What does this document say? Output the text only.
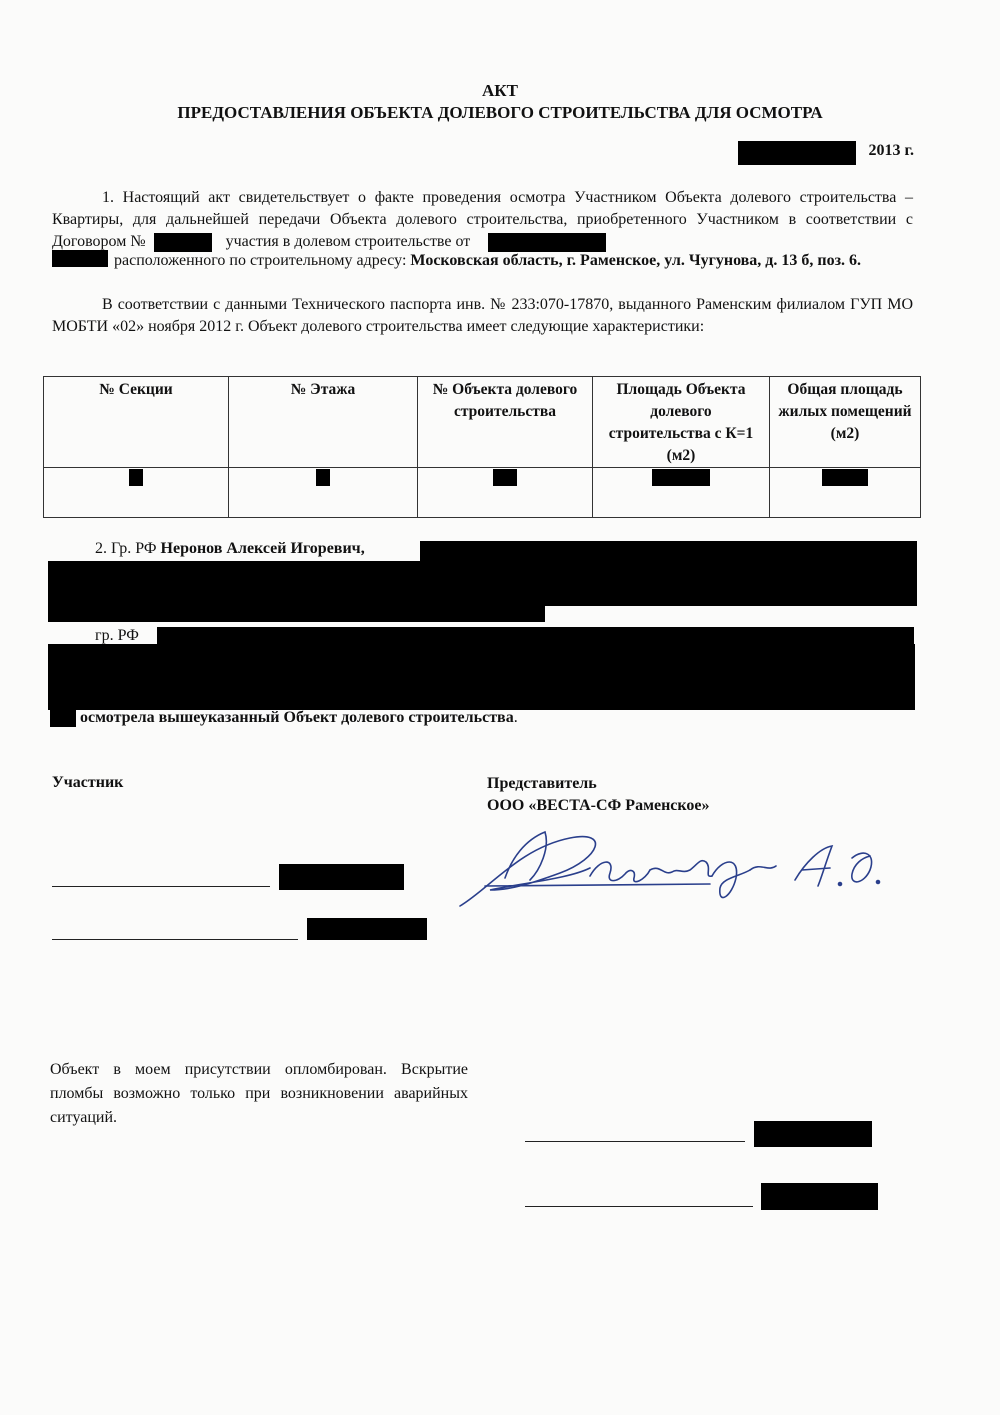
АКТ
ПРЕДОСТАВЛЕНИЯ ОБЪЕКТА ДОЛЕВОГО СТРОИТЕЛЬСТВА ДЛЯ ОСМОТРА
2013 г.
1. Настоящий акт свидетельствует о факте проведения осмотра Участником Объекта долевого строительства – Квартиры, для дальнейшей передачи Объекта долевого строительства, приобретенного Участником в соответствии с Договором №	участия в долевом строительстве от
расположенного по строительному адресу: Московская область, г. Раменское, ул. Чугунова, д. 13 б, поз. 6.
В соответствии с данными Технического паспорта инв. № 233:070-17870, выданного Раменским филиалом ГУП МО МОБТИ «02» ноября 2012 г. Объект долевого строительства имеет следующие характеристики:
№ Секции	№ Этажа	№ Объекта долевого строительства	Площадь Объекта долевого строительства с К=1 (м2)	Общая площадь жилых помещений (м2)

2. Гр. РФ Неронов Алексей Игоревич,
гр. РФ
осмотрела вышеуказанный Объект долевого строительства.
Участник	Представитель
ООО «ВЕСТА-СФ Раменское»
Объект в моем присутствии опломбирован. Вскрытие пломбы возможно только при возникновении аварийных ситуаций.
